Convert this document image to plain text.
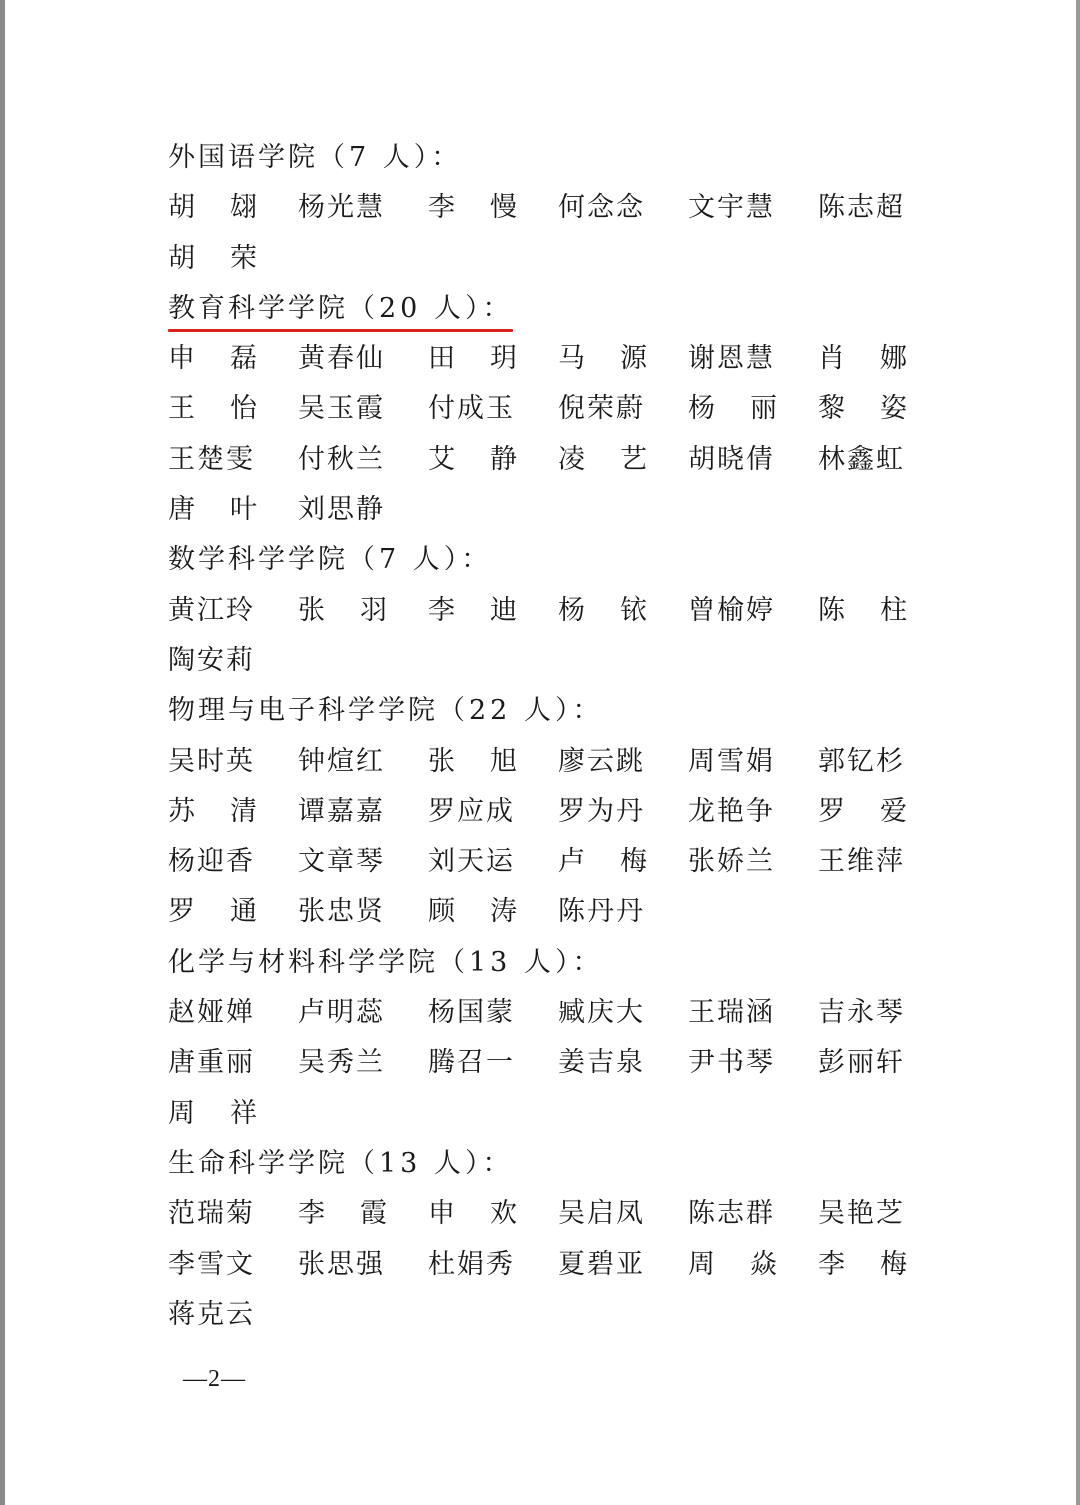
外国语学院（7 人）：
胡 翃	杨光慧	李 慢	何念念	文宇慧	陈志超
胡 荣
教育科学学院（20 人）：
申 磊	黄春仙	田 玥	马 源	谢恩慧	肖 娜
王 怡	吴玉霞	付成玉	倪荣蔚	杨 丽	黎 姿
王楚雯	付秋兰	艾 静	凌 艺	胡晓倩	林鑫虹
唐 叶	刘思静
数学科学学院（7 人）：
黄江玲	张 羽	李 迪	杨 铱	曾榆婷	陈 柱
陶安莉
物理与电子科学学院（22 人）：
吴时英	钟煊红	张 旭	廖云跳	周雪娟	郭钇杉
苏 清	谭嘉嘉	罗应成	罗为丹	龙艳争	罗 爱
杨迎香	文章琴	刘天运	卢 梅	张娇兰	王维萍
罗 通	张忠贤	顾 涛	陈丹丹
化学与材料科学学院（13 人）：
赵娅婵	卢明蕊	杨国蒙	臧庆大	王瑞涵	吉永琴
唐重丽	吴秀兰	腾召一	姜吉泉	尹书琴	彭丽轩
周 祥
生命科学学院（13 人）：
范瑞菊	李 霞	申 欢	吴启凤	陈志群	吴艳芝
李雪文	张思强	杜娟秀	夏碧亚	周 焱	李 梅
蒋克云
—2—
